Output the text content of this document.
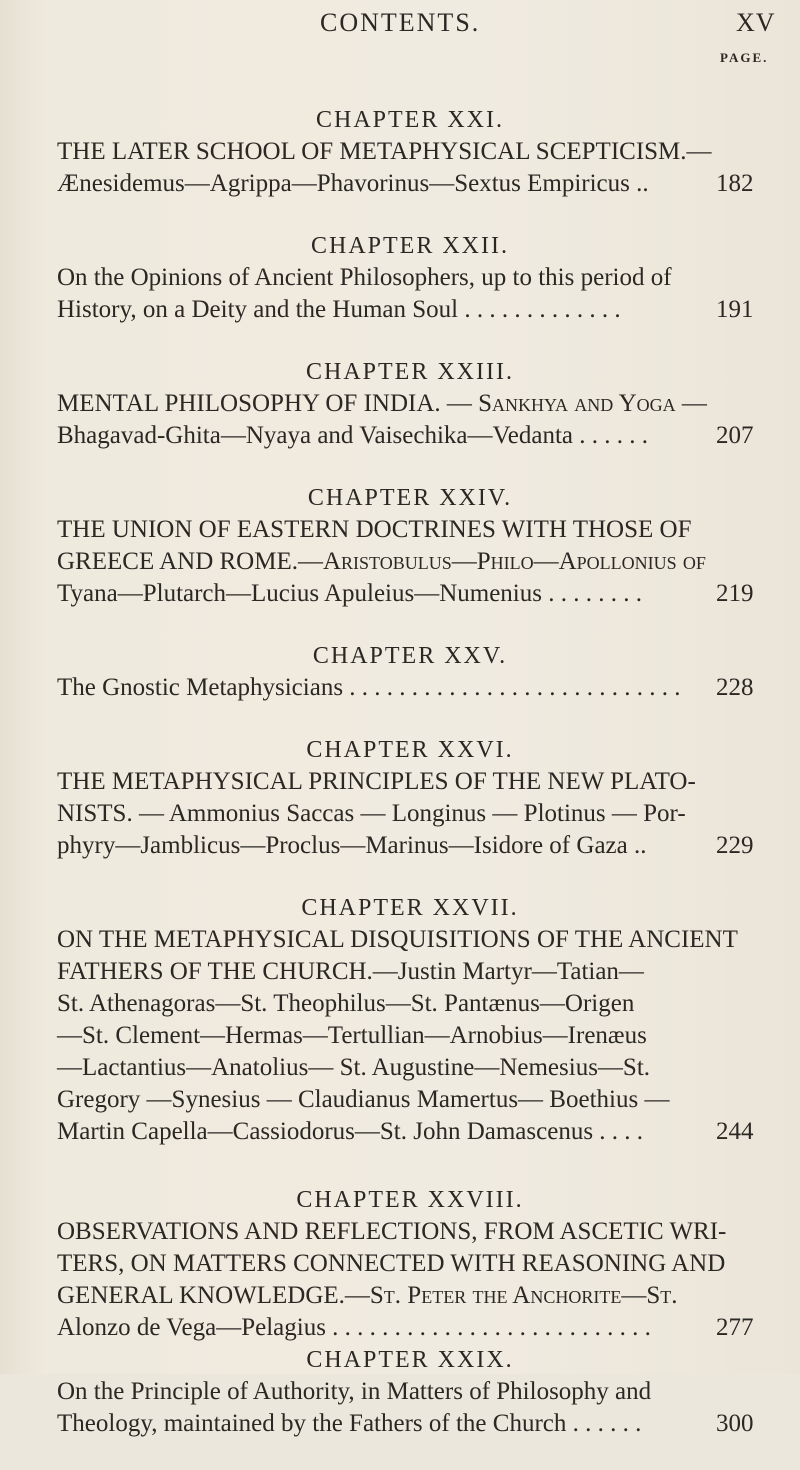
CONTENTS.	XV
PAGE.
CHAPTER XXI.
THE LATER SCHOOL OF METAPHYSICAL SCEPTICISM.—
Ænesidemus—Agrippa—Phavorinus—Sextus Empiricus ..	182
CHAPTER XXII.
On the Opinions of Ancient Philosophers, up to this period of
History, on a Deity and the Human Soul . . . . . . . . . . . . .	191
CHAPTER XXIII.
MENTAL PHILOSOPHY OF INDIA. — Sankhya and Yoga —
Bhagavad-Ghita—Nyaya and Vaisechika—Vedanta . . . . . .	207
CHAPTER XXIV.
THE UNION OF EASTERN DOCTRINES WITH THOSE OF
GREECE AND ROME.—Aristobulus—Philo—Apollonius of
Tyana—Plutarch—Lucius Apuleius—Numenius . . . . . . . .	219
CHAPTER XXV.
The Gnostic Metaphysicians . . . . . . . . . . . . . . . . . . . . . . . . . . . 228
CHAPTER XXVI.
THE METAPHYSICAL PRINCIPLES OF THE NEW PLATO-
NISTS. — Ammonius Saccas — Longinus — Plotinus — Por-
phyry—Jamblicus—Proclus—Marinus—Isidore of Gaza ..	229
CHAPTER XXVII.
ON THE METAPHYSICAL DISQUISITIONS OF THE ANCIENT
FATHERS OF THE CHURCH.—Justin Martyr—Tatian—
St. Athenagoras—St. Theophilus—St. Pantænus—Origen
—St. Clement—Hermas—Tertullian—Arnobius—Irenæus
—Lactantius—Anatolius— St. Augustine—Nemesius—St.
Gregory —Synesius — Claudianus Mamertus— Boethius —
Martin Capella—Cassiodorus—St. John Damascenus . . . .	244
CHAPTER XXVIII.
OBSERVATIONS AND REFLECTIONS, FROM ASCETIC WRI-
TERS, ON MATTERS CONNECTED WITH REASONING AND
GENERAL KNOWLEDGE.—St. Peter the Anchorite—St.
Alonzo de Vega—Pelagius . . . . . . . . . . . . . . . . . . . . . . . . . .	277
CHAPTER XXIX.
On the Principle of Authority, in Matters of Philosophy and
Theology, maintained by the Fathers of the Church . . . . . .	300
